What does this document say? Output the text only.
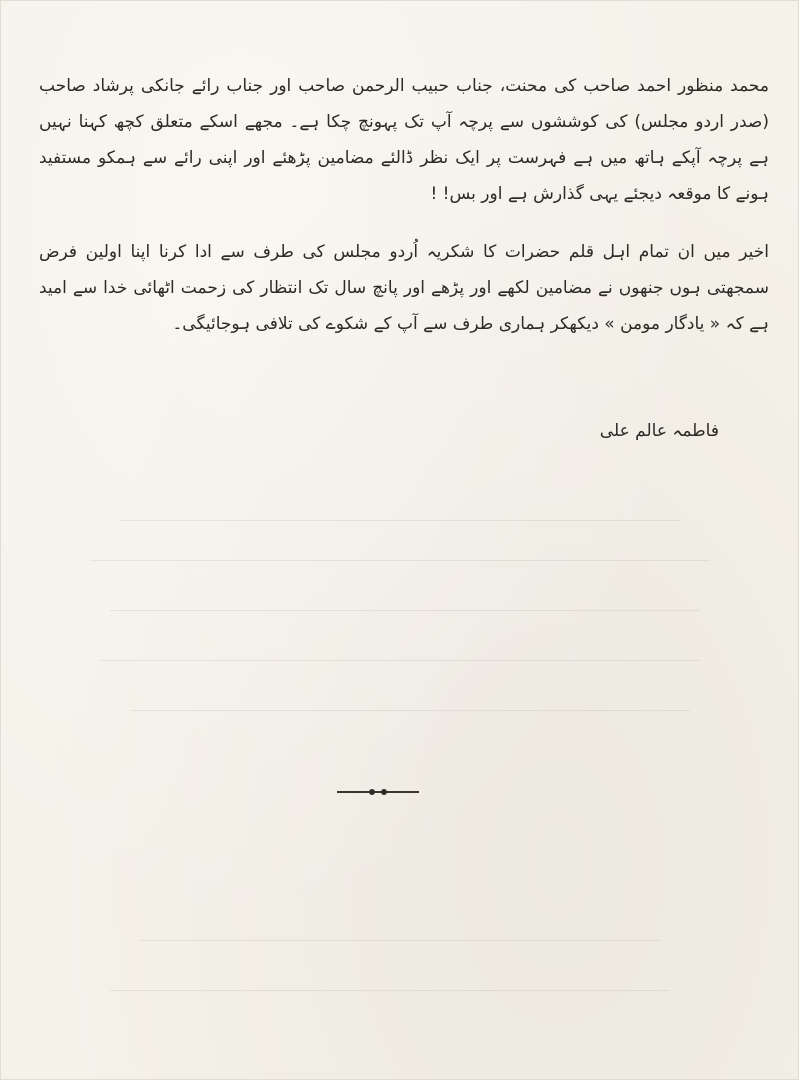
محمد منظور احمد صاحب کی محنت، جناب حبیب الرحمن صاحب اور جناب رائے جانکی پرشاد صاحب (صدر اردو مجلس) کی کوششوں سے پرچہ آپ تک پہونچ چکا ہے۔ مجھے اسکے متعلق کچھ کہنا نہیں ہے پرچہ آپکے ہاتھ میں ہے فہرست پر ایک نظر ڈالئے مضامین پڑھئے اور اپنی رائے سے ہمکو مستفید ہونے کا موقعہ دیجئے یہی گذارش ہے اور بس! !
اخیر میں ان تمام اہل قلم حضرات کا شکریہ اُردو مجلس کی طرف سے ادا کرنا اپنا اولین فرض سمجھتی ہوں جنھوں نے مضامین لکھے اور پڑھے اور پانچ سال تک انتظار کی زحمت اٹھائی خدا سے امید ہے کہ « یادگار مومن » دیکھکر ہماری طرف سے آپ کے شکوے کی تلافی ہوجائیگی۔
فاطمہ عالم علی
